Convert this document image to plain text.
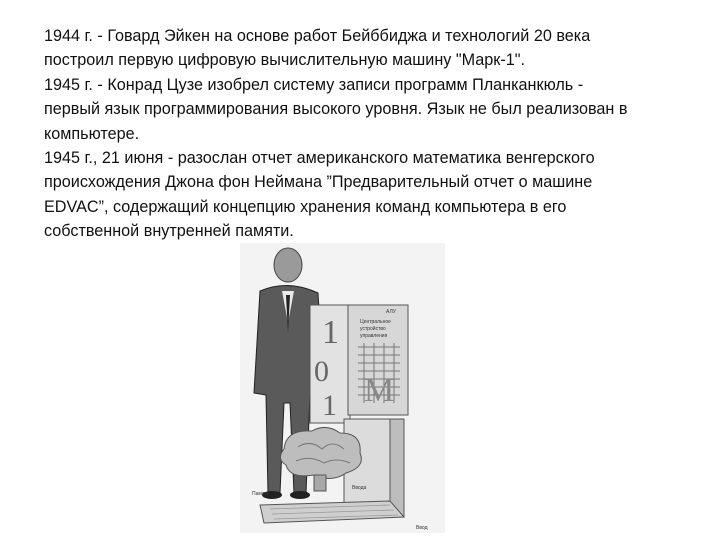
1944 г. - Говард Эйкен на основе работ Бейббиджа и технологий 20 века
построил первую цифровую вычислительную машину "Марк-1".

1945 г. - Конрад Цузе изобрел систему записи программ Планканкюль -
первый язык программирования высокого уровня. Язык не был реализован в
компьютере.

1945 г., 21 июня - разослан отчет американского математика венгерского
происхождения Джона фон Неймана ”Предварительный отчет о машине
EDVAC”, содержащий концепцию хранения команд компьютера в его
собственной внутренней памяти.

1
0
1
АЛУ
Центральное
устройство
управления
M
Ввода
Память
Ввод
